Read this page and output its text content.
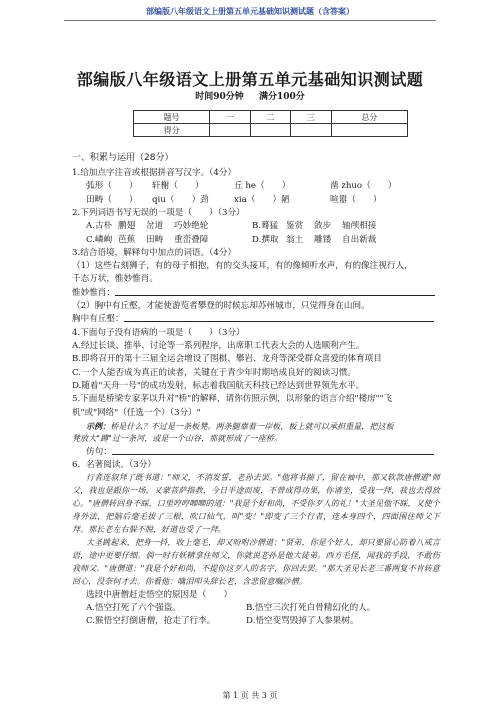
部编版八年级语文上册第五单元基础知识测试题（含答案）
部编版八年级语文上册第五单元基础知识测试题
时间90分钟 满分100分
题号	一	二	三	总分
得分				
一、积累与运用（28分）
1.给加点字注音或根据拼音写汉字。（4分）
弧形（　　）	轩榭（　　）	丘 he（　　）	凿 zhuo（　　）
田畴（　　）	qiu（　　）劲	xia（　　）陋	喧嚣（　　）
2.下列词语书写无误的一项是（　　）（3分）
A.古朴 鹏翅	岔道	巧妙绝轮	B.蓦猛 鉴赏	敛步	轴颅相接
C.嶙峋 芭蕉	田畴	重峦叠障	D.撰取 翁土	雕镂	自出新裁
3.结合语境，解释句中加点的词语。（4分）
（1）这些右刻狮子，有的母子相抱，有的交头接耳，有的像倾听水声，有的像注视行人，
千态万状，惟妙惟肖。
惟妙惟肖：
（2）胸中有丘壑，才能使游览者攀登的时候忘却苏州城市，只觉得身在山间。
胸中有丘壑：
4.下面句子没有语病的一项是（　　）（3分）
A.经过长谈、推举、讨论等一系列程序，出席职工代表大会的人选顺利产生。
B.即将召开的第十三届全运会增设了围棋、攀岩、龙舟等深受群众喜爱的体育项目
C.一个人能否成为真正的读者，关键在于青少年时期培成良好的阅读习惯。
D.随着"天舟一号"的成功发射，标志着我国航天科技已经达到世界领先水平。
5.下面是桥梁专家茅以升对"桥"的解释，请你仿照示例，以形象的语言介绍"楼房""飞
机"或"网络"（任选一个）（3分）"
示例：桥是什么？不过是一条板凳。两条腿靠着一岸板，板上就可以承担重量，把这板
凳放大"蹲"过一条河，或是一个山谷，那就形成了一座桥。
仿句：
6．名著阅读。（3分）
行者连叙拜了既书道："师父，不消发誓，老孙去罢。"他将书揣了，留在袖中，那又软款唐僧道"师父，我也是跟你一场，又蒙菩萨指教，今日半途而废，不曾成得功果，你请坐，受我一拜，我也去得放心。"唐僧转回身不睬，口里哼哼唧唧的道："我是个好和尚，不受你歹人的礼！"大圣见他不睬，又使个身外法，把脑后毫毛拔了三根，吹口仙气，叫"变！"即变了三个行者，连本身四个，四面围住师父下拜。那长老左右躲不脱，好道也受了一拜。
大圣跳起来，把身一抖，收上毫毛，却又吩咐沙僧道："贤弟，你是个好人，却只要留心防着八戒言语，途中更要仔细。倘一时有妖精拿住师父，你就说老孙是他大徒弟。西方毛怪，闻我的手段，不敢伤我师父。"唐僧道："我是个好和尚，不提你这歹人的名字，你回去罢。"那大圣见长老三番两复不肯转意回心，没奈何才去。你看他：噙泪叩头辞长老，含悲留意嘱沙僧。
选段中唐僧赶走悟空的原因是（　　）
A.悟空打死了六个强盗。	B.悟空三次打死白骨精幻化的人。
C.猴悟空打倒唐僧，抢走了行李。	D.悟空变骂毁掉了人参果树。
第 1 页 共 3 页
